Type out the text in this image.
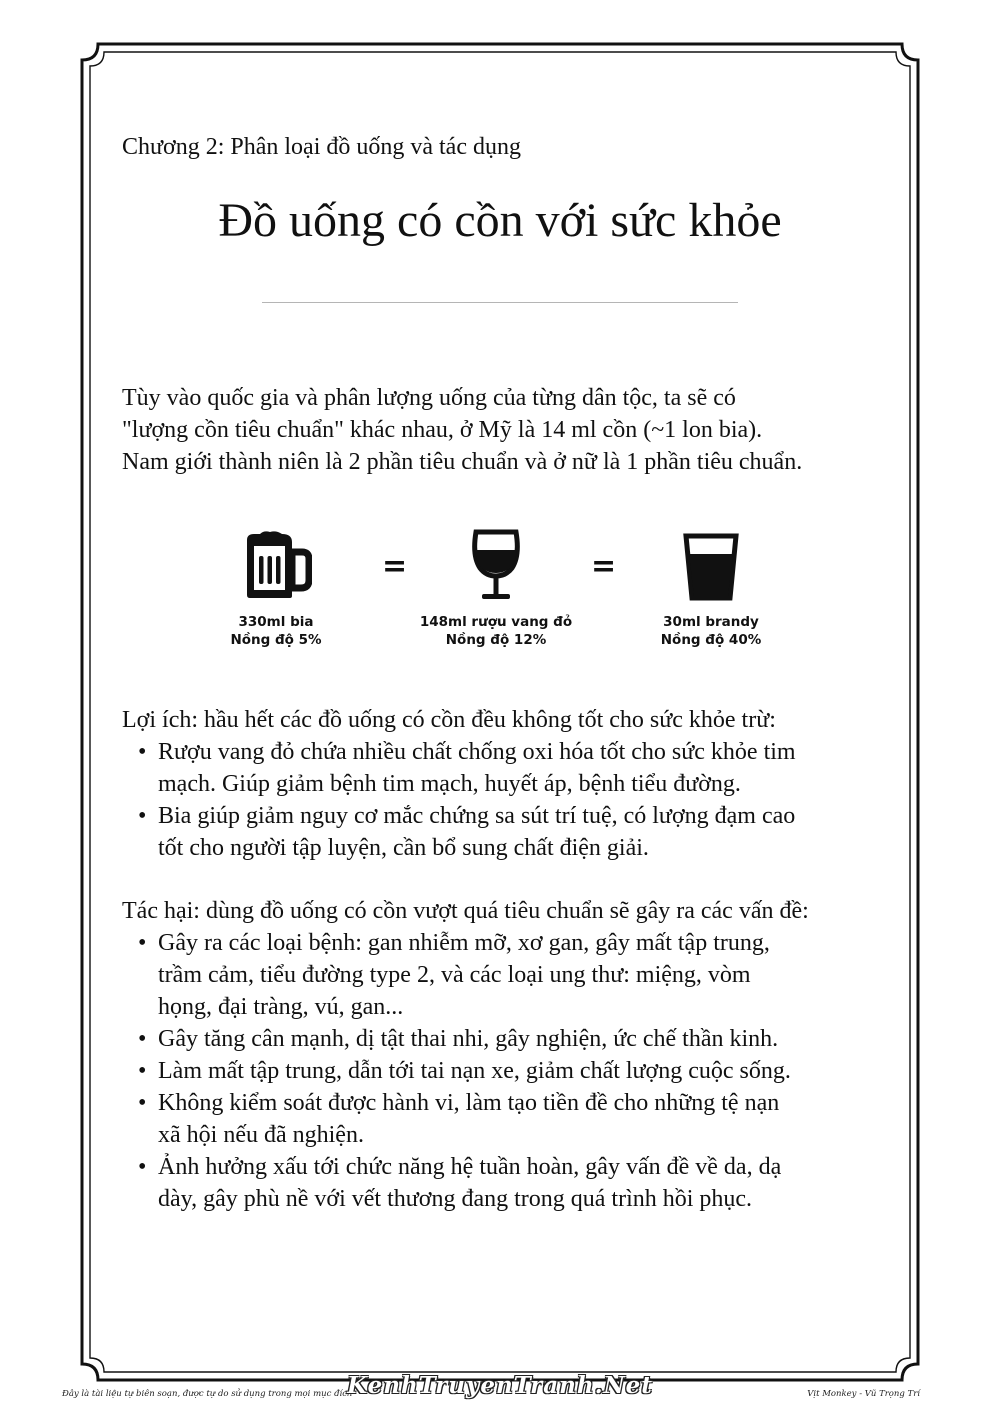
Chương 2: Phân loại đồ uống và tác dụng
Đồ uống có cồn với sức khỏe

Tùy vào quốc gia và phân lượng uống của từng dân tộc, ta sẽ có
"lượng cồn tiêu chuẩn" khác nhau, ở Mỹ là 14 ml cồn (~1 lon bia).
Nam giới thành niên là 2 phần tiêu chuẩn và ở nữ là 1 phần tiêu chuẩn.

=	=
330ml bia
Nồng độ 5%
148ml rượu vang đỏ
Nồng độ 12%
30ml brandy
Nồng độ 40%

Lợi ích: hầu hết các đồ uống có cồn đều không tốt cho sức khỏe trừ:

• Rượu vang đỏ chứa nhiều chất chống oxi hóa tốt cho sức khỏe tim
mạch. Giúp giảm bệnh tim mạch, huyết áp, bệnh tiểu đường.
• Bia giúp giảm nguy cơ mắc chứng sa sút trí tuệ, có lượng đạm cao
tốt cho người tập luyện, cần bổ sung chất điện giải.

Tác hại: dùng đồ uống có cồn vượt quá tiêu chuẩn sẽ gây ra các vấn đề:

• Gây ra các loại bệnh: gan nhiễm mỡ, xơ gan, gây mất tập trung,
trầm cảm, tiểu đường type 2, và các loại ung thư: miệng, vòm
họng, đại tràng, vú, gan...
• Gây tăng cân mạnh, dị tật thai nhi, gây nghiện, ức chế thần kinh.
• Làm mất tập trung, dẫn tới tai nạn xe, giảm chất lượng cuộc sống.
• Không kiểm soát được hành vi, làm tạo tiền đề cho những tệ nạn
xã hội nếu đã nghiện.
• Ảnh hưởng xấu tới chức năng hệ tuần hoàn, gây vấn đề về da, dạ
dày, gây phù nề với vết thương đang trong quá trình hồi phục.
Đây là tài liệu tự biên soạn, được tự do sử dụng trong mọi mục đích
KenhTruyenTranh.Net	Vịt Monkey - Vũ Trọng Trí
